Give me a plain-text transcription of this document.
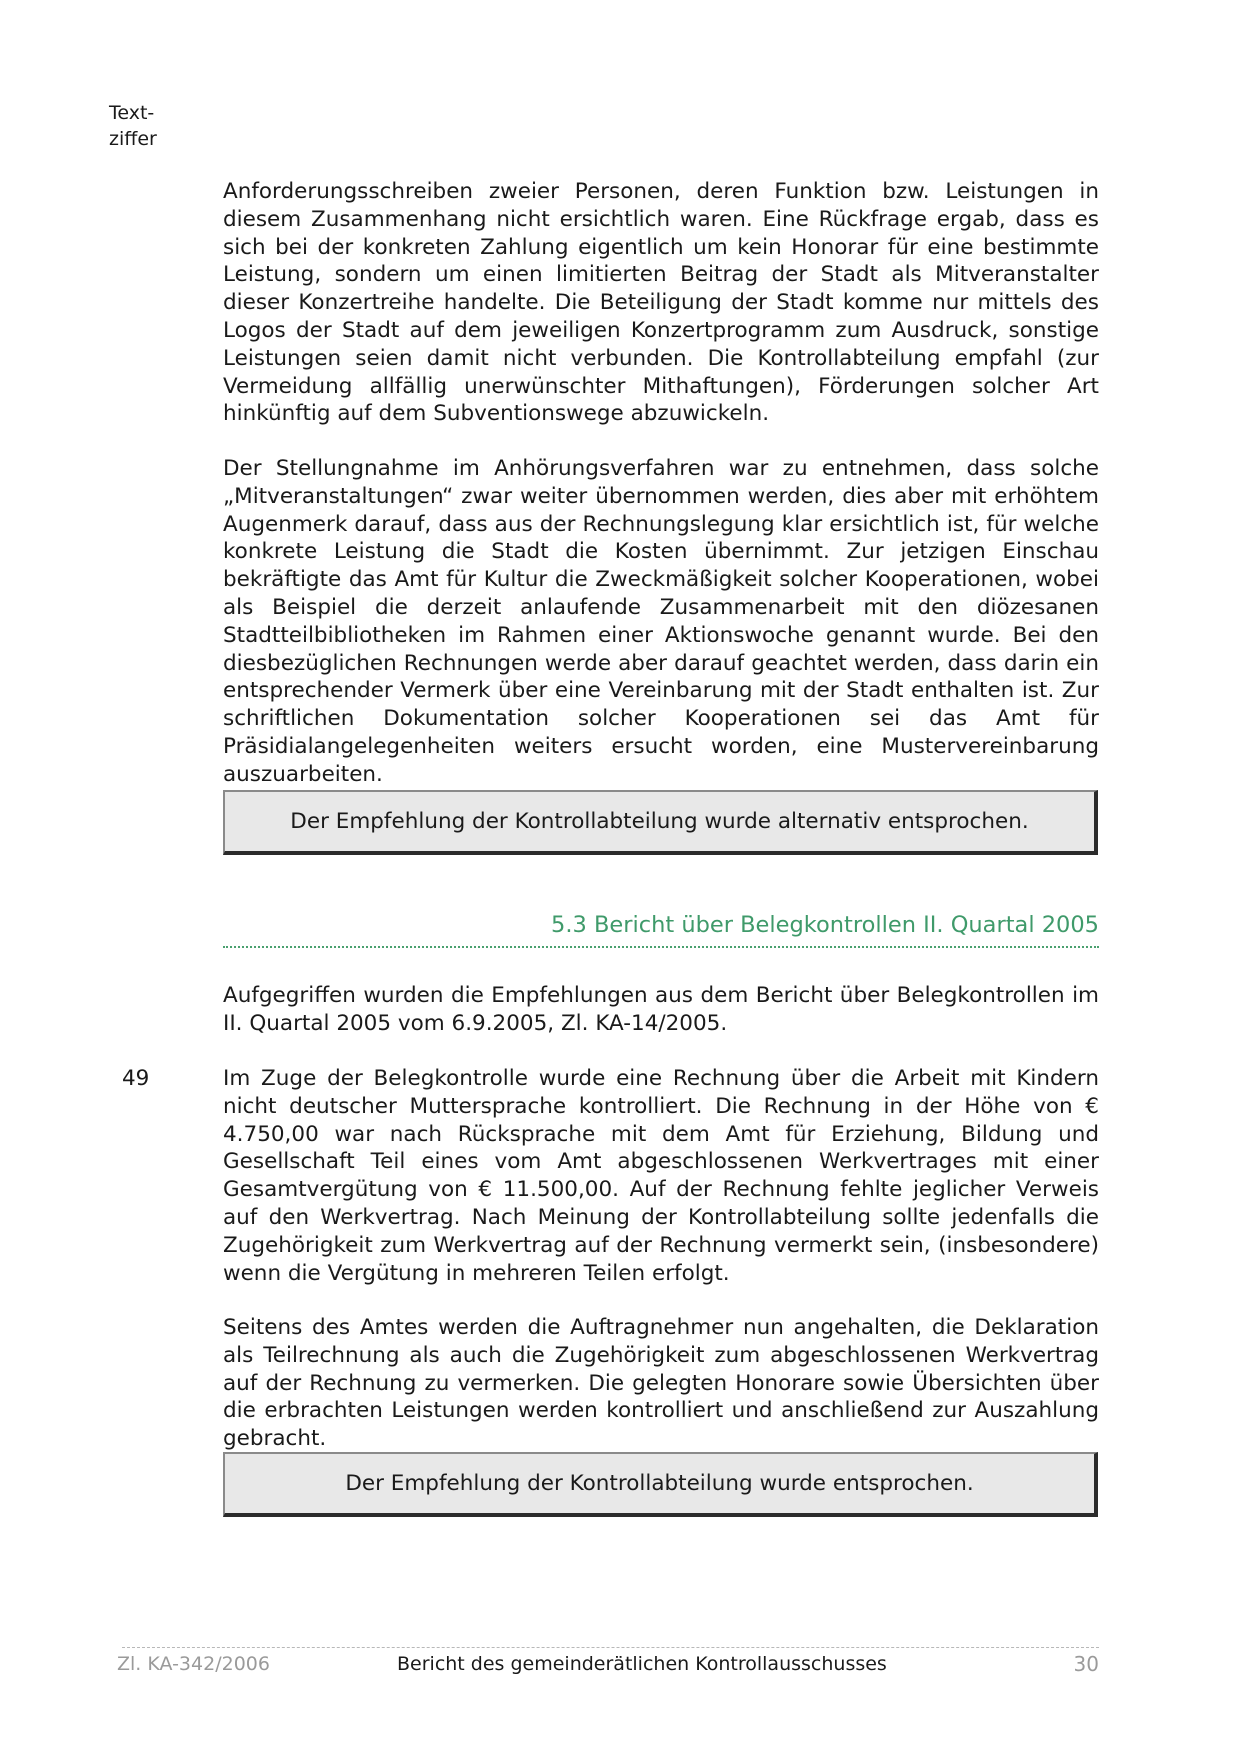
Text-
ziffer

Anforderungsschreiben zweier Personen, deren Funktion bzw. Leistungen in diesem Zusammenhang nicht ersichtlich waren. Eine Rückfrage ergab, dass es sich bei der konkreten Zahlung eigentlich um kein Honorar für eine bestimmte Leistung, sondern um einen limitierten Beitrag der Stadt als Mitveranstalter dieser Konzertreihe handelte. Die Beteiligung der Stadt komme nur mittels des Logos der Stadt auf dem jeweiligen Konzertprogramm zum Ausdruck, sonstige Leistungen seien damit nicht verbunden. Die Kontrollabteilung empfahl (zur Vermeidung allfällig unerwünschter Mithaftungen), Förderungen solcher Art hinkünftig auf dem Subventionswege abzuwickeln.

Der Stellungnahme im Anhörungsverfahren war zu entnehmen, dass solche „Mitveranstaltungen“ zwar weiter übernommen werden, dies aber mit erhöhtem Augenmerk darauf, dass aus der Rechnungslegung klar ersichtlich ist, für welche konkrete Leistung die Stadt die Kosten übernimmt. Zur jetzigen Einschau bekräftigte das Amt für Kultur die Zweckmäßigkeit solcher Kooperationen, wobei als Beispiel die derzeit anlaufende Zusammenarbeit mit den diözesanen Stadtteilbibliotheken im Rahmen einer Aktionswoche genannt wurde. Bei den diesbezüglichen Rechnungen werde aber darauf geachtet werden, dass darin ein entsprechender Vermerk über eine Vereinbarung mit der Stadt enthalten ist. Zur schriftlichen Dokumentation solcher Kooperationen sei das Amt für Präsidialangelegenheiten weiters ersucht worden, eine Mustervereinbarung auszuarbeiten.

Der Empfehlung der Kontrollabteilung wurde alternativ entsprochen.
5.3 Bericht über Belegkontrollen II. Quartal 2005

Aufgegriffen wurden die Empfehlungen aus dem Bericht über Belegkontrollen im II. Quartal 2005 vom 6.9.2005, Zl. KA-14/2005.

49	Im Zuge der Belegkontrolle wurde eine Rechnung über die Arbeit mit Kindern nicht deutscher Muttersprache kontrolliert. Die Rechnung in der Höhe von € 4.750,00 war nach Rücksprache mit dem Amt für Erziehung, Bildung und Gesellschaft Teil eines vom Amt abgeschlossenen Werkvertrages mit einer Gesamtvergütung von € 11.500,00. Auf der Rechnung fehlte jeglicher Verweis auf den Werkvertrag. Nach Meinung der Kontrollabteilung sollte jedenfalls die Zugehörigkeit zum Werkvertrag auf der Rechnung vermerkt sein, (insbesondere) wenn die Vergütung in mehreren Teilen erfolgt.

Seitens des Amtes werden die Auftragnehmer nun angehalten, die Deklaration als Teilrechnung als auch die Zugehörigkeit zum abgeschlossenen Werkvertrag auf der Rechnung zu vermerken. Die gelegten Honorare sowie Übersichten über die erbrachten Leistungen werden kontrolliert und anschließend zur Auszahlung gebracht.

Der Empfehlung der Kontrollabteilung wurde entsprochen.
Zl. KA-342/2006	Bericht des gemeinderätlichen Kontrollausschusses	30
